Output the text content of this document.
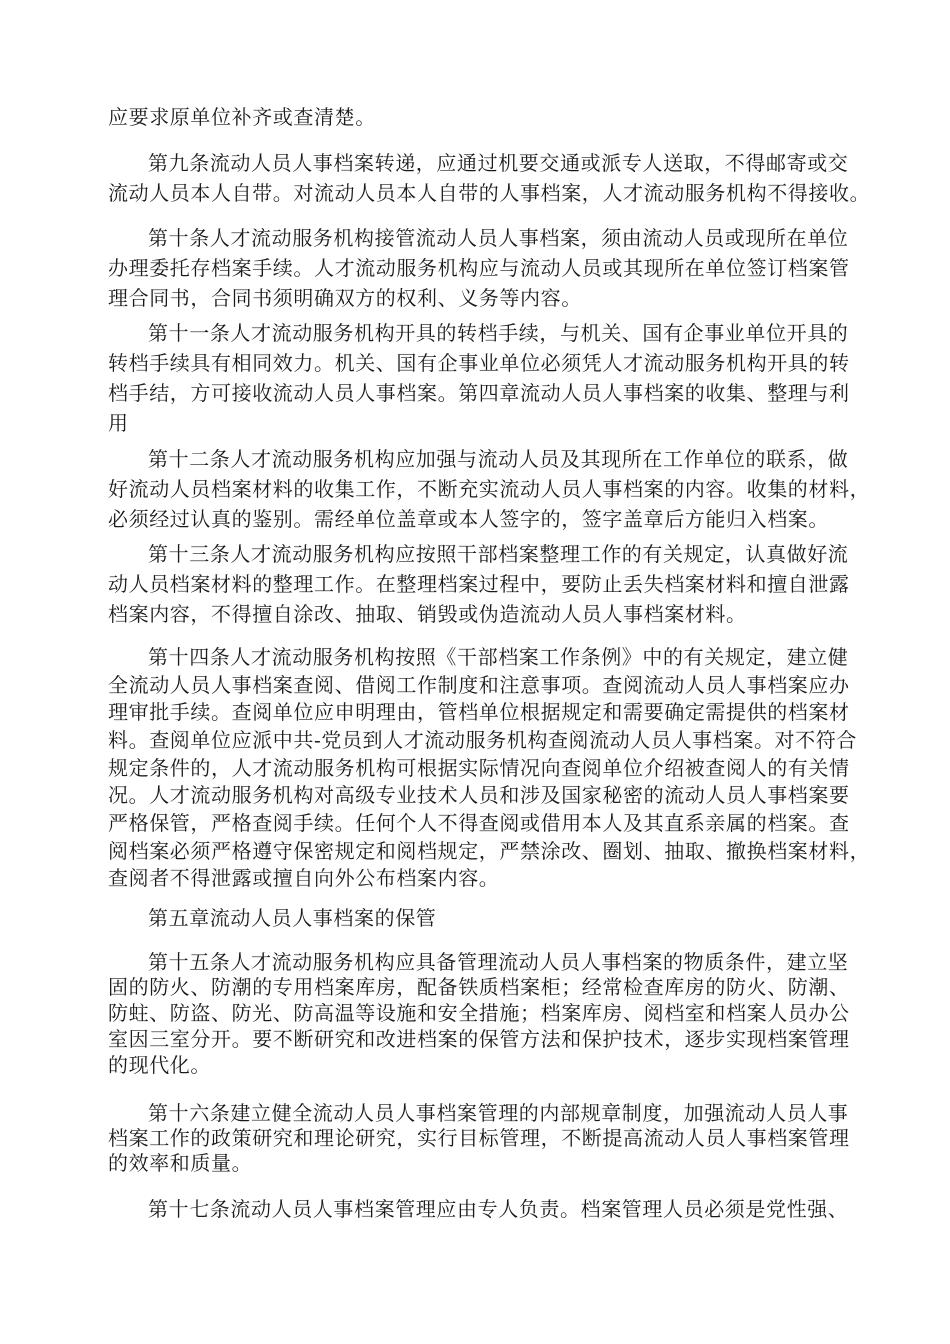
应要求原单位补齐或查清楚。
第九条流动人员人事档案转递，应通过机要交通或派专人送取，不得邮寄或交
流动人员本人自带。对流动人员本人自带的人事档案，人才流动服务机构不得接收。
第十条人才流动服务机构接管流动人员人事档案，须由流动人员或现所在单位
办理委托存档案手续。人才流动服务机构应与流动人员或其现所在单位签订档案管
理合同书，合同书须明确双方的权利、义务等内容。
第十一条人才流动服务机构开具的转档手续，与机关、国有企事业单位开具的
转档手续具有相同效力。机关、国有企事业单位必须凭人才流动服务机构开具的转
档手结，方可接收流动人员人事档案。第四章流动人员人事档案的收集、整理与利
用
第十二条人才流动服务机构应加强与流动人员及其现所在工作单位的联系，做
好流动人员档案材料的收集工作，不断充实流动人员人事档案的内容。收集的材料，
必须经过认真的鉴别。需经单位盖章或本人签字的，签字盖章后方能归入档案。
第十三条人才流动服务机构应按照干部档案整理工作的有关规定，认真做好流
动人员档案材料的整理工作。在整理档案过程中，要防止丢失档案材料和擅自泄露
档案内容，不得擅自涂改、抽取、销毁或伪造流动人员人事档案材料。
第十四条人才流动服务机构按照《干部档案工作条例》中的有关规定，建立健
全流动人员人事档案查阅、借阅工作制度和注意事项。查阅流动人员人事档案应办
理审批手续。查阅单位应申明理由，管档单位根据规定和需要确定需提供的档案材
料。查阅单位应派中共-党员到人才流动服务机构查阅流动人员人事档案。对不符合
规定条件的，人才流动服务机构可根据实际情况向查阅单位介绍被查阅人的有关情
况。人才流动服务机构对高级专业技术人员和涉及国家秘密的流动人员人事档案要
严格保管，严格查阅手续。任何个人不得查阅或借用本人及其直系亲属的档案。查
阅档案必须严格遵守保密规定和阅档规定，严禁涂改、圈划、抽取、撤换档案材料，
查阅者不得泄露或擅自向外公布档案内容。
第五章流动人员人事档案的保管
第十五条人才流动服务机构应具备管理流动人员人事档案的物质条件，建立坚
固的防火、防潮的专用档案库房，配备铁质档案柜；经常检查库房的防火、防潮、
防蛀、防盗、防光、防高温等设施和安全措施；档案库房、阅档室和档案人员办公
室因三室分开。要不断研究和改进档案的保管方法和保护技术，逐步实现档案管理
的现代化。
第十六条建立健全流动人员人事档案管理的内部规章制度，加强流动人员人事
档案工作的政策研究和理论研究，实行目标管理，不断提高流动人员人事档案管理
的效率和质量。
第十七条流动人员人事档案管理应由专人负责。档案管理人员必须是党性强、
